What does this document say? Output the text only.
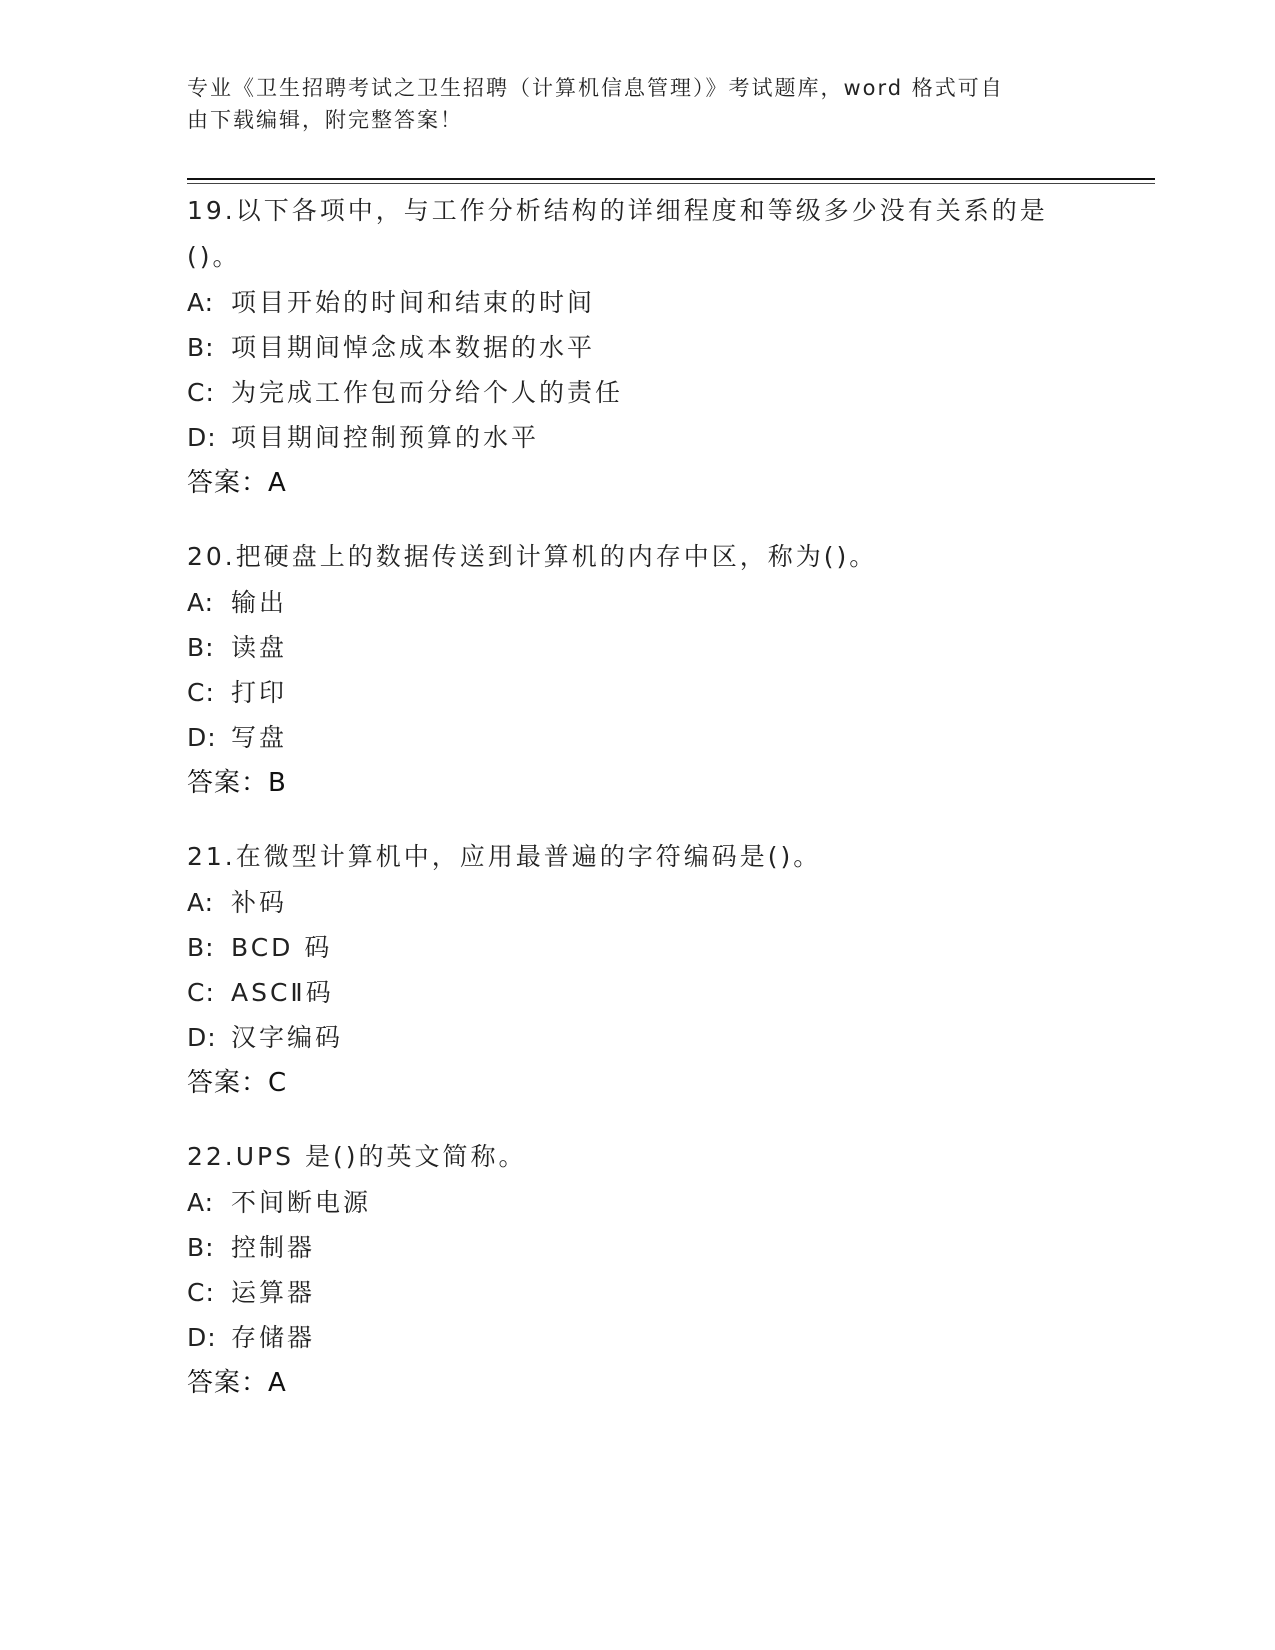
专业《卫生招聘考试之卫生招聘（计算机信息管理）》考试题库，word 格式可自
由下载编辑，附完整答案！
19.以下各项中，与工作分析结构的详细程度和等级多少没有关系的是
()。
A: 项目开始的时间和结束的时间
B: 项目期间悼念成本数据的水平
C: 为完成工作包而分给个人的责任
D: 项目期间控制预算的水平
答案：A
20.把硬盘上的数据传送到计算机的内存中区，称为()。
A: 输出
B: 读盘
C: 打印
D: 写盘
答案：B
21.在微型计算机中，应用最普遍的字符编码是()。
A: 补码
B: BCD 码
C: ASCⅡ码
D: 汉字编码
答案：C
22.UPS 是()的英文简称。
A: 不间断电源
B: 控制器
C: 运算器
D: 存储器
答案：A
